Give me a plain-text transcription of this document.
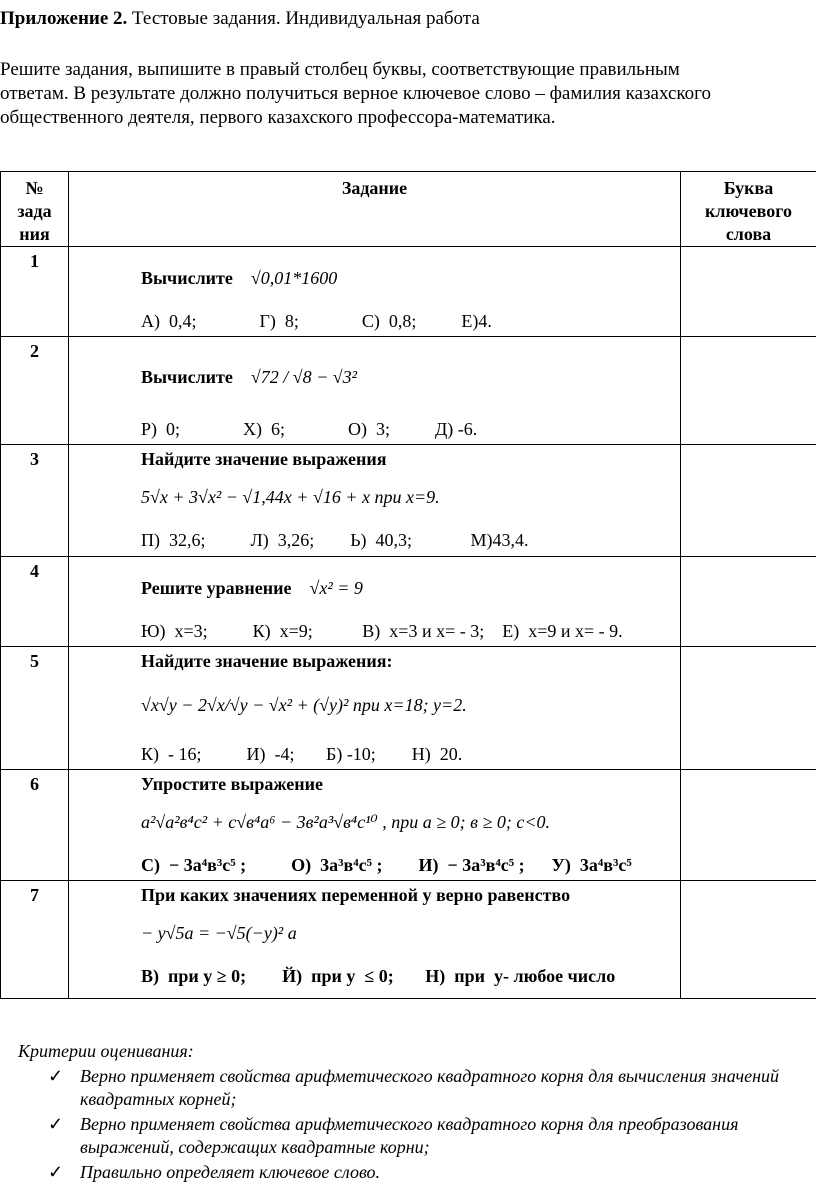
Приложение 2. Тестовые задания. Индивидуальная работа
Решите задания, выпишите в правый столбец буквы, соответствующие правильным
ответам. В результате должно получиться верное ключевое слово – фамилия казахского
общественного деятеля, первого казахского профессора-математика.
№ зада ния	Задание	Буква ключевого слова
1	Вычислите √0,01*1600
А)  0,4;              Г)  8;              С)  0,8;          Е)4.	

2	Вычислите √72 / √8 − √3²
Р)  0;              Х)  6;              О)  3;          Д) -6.	

3	Найдите значение выражения
5√x + 3√x² − √1,44x + √16 + x при х=9.
П)  32,6;          Л)  3,26;        Ь)  40,3;             М)43,4.	

4	Решите уравнение √x² = 9
Ю)  х=3;          К)  х=9;           В)  х=3 и х= - 3;    Е)  х=9 и х= - 9.	

5	Найдите значение выражения:
√x√y − 2√x/√y − √x² + (√y)² при х=18; у=2.
К)  - 16;          И)  -4;       Б) -10;        Н)  20.	

6	Упростите выражение
a²√a²в⁴c² + c√в⁴a⁶ − 3в²a³√в⁴c¹⁰ , при а ≥ 0; в ≥ 0; с<0.
С)  − 3a⁴в³c⁵ ;          О)  3a³в⁴c⁵ ;        И)  − 3a³в⁴c⁵ ;      У)  3a⁴в³c⁵	

7	При каких значениях переменной у верно равенство
− y√5a = −√5(−y)² a
В)  при у ≥ 0;        Й)  при у  ≤ 0;       Н)  при  у- любое число	

Критерии оценивания:
✓ Верно применяет свойства арифметического квадратного корня для вычисления значений квадратных корней;
✓ Верно применяет свойства арифметического квадратного корня для преобразования выражений, содержащих квадратные корни;
✓ Правильно определяет ключевое слово.
